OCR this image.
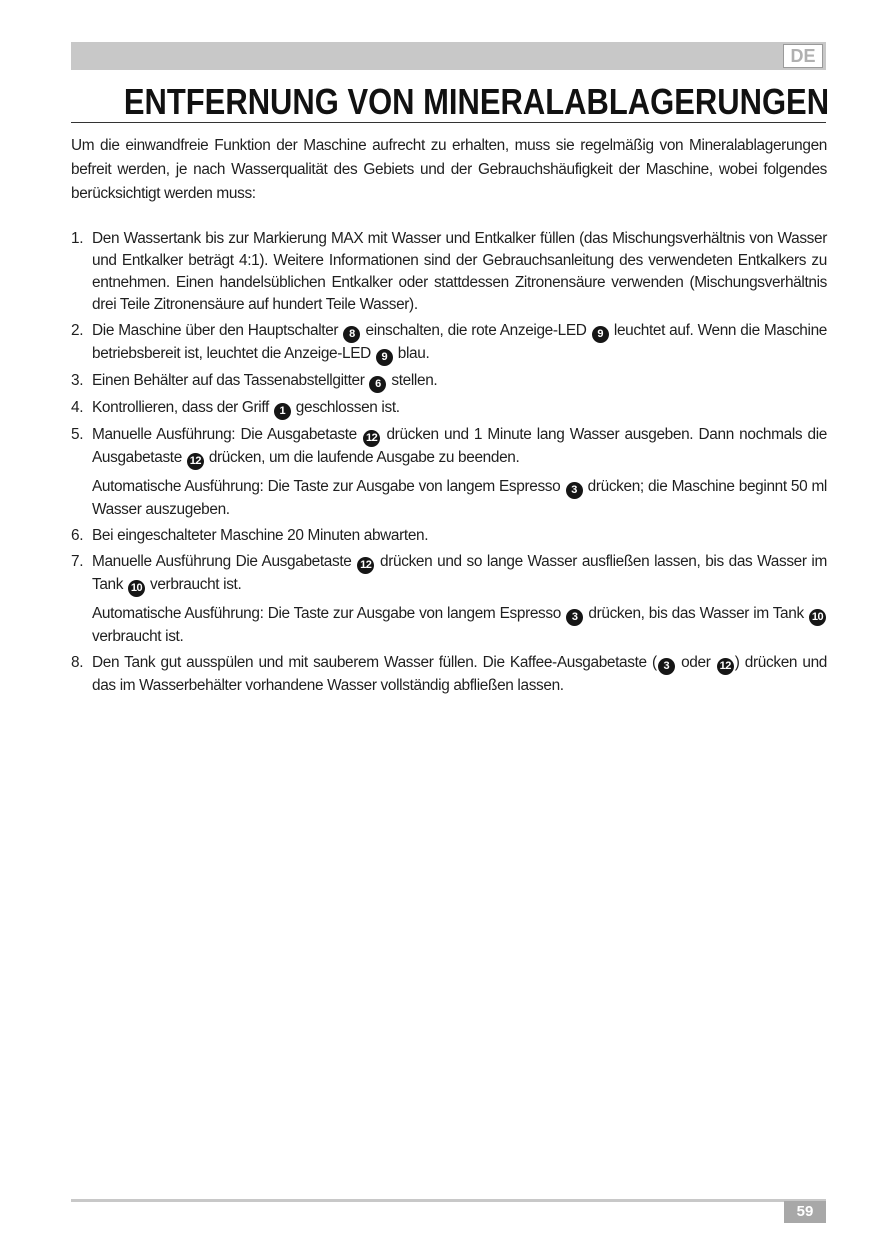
DE
ENTFERNUNG VON MINERALABLAGERUNGEN

Um die einwandfreie Funktion der Maschine aufrecht zu erhalten, muss sie regelmäßig von Mineralablagerungen befreit werden, je nach Wasserqualität des Gebiets und der Gebrauchshäufigkeit der Maschine, wobei folgendes berücksichtigt werden muss:

1. Den Wassertank bis zur Markierung MAX mit Wasser und Entkalker füllen (das Mischungsverhältnis von Wasser und Entkalker beträgt 4:1). Weitere Informationen sind der Gebrauchsanleitung des verwendeten Entkalkers zu entnehmen. Einen handelsüblichen Entkalker oder stattdessen Zitronensäure verwenden (Mischungsverhältnis drei Teile Zitronensäure auf hundert Teile Wasser).
2. Die Maschine über den Hauptschalter 8 einschalten, die rote Anzeige-LED 9 leuchtet auf. Wenn die Maschine betriebsbereit ist, leuchtet die Anzeige-LED 9 blau.
3. Einen Behälter auf das Tassenabstellgitter 6 stellen.
4. Kontrollieren, dass der Griff 1 geschlossen ist.
5. Manuelle Ausführung: Die Ausgabetaste 12 drücken und 1 Minute lang Wasser ausgeben. Dann nochmals die Ausgabetaste 12 drücken, um die laufende Ausgabe zu beenden.
Automatische Ausführung: Die Taste zur Ausgabe von langem Espresso 3 drücken; die Maschine beginnt 50 ml Wasser auszugeben.
6. Bei eingeschalteter Maschine 20 Minuten abwarten.
7. Manuelle Ausführung Die Ausgabetaste 12 drücken und so lange Wasser ausfließen lassen, bis das Wasser im Tank 10 verbraucht ist.
Automatische Ausführung: Die Taste zur Ausgabe von langem Espresso 3 drücken, bis das Wasser im Tank 10 verbraucht ist.
8. Den Tank gut ausspülen und mit sauberem Wasser füllen. Die Kaffee-Ausgabetaste ( 3 oder 12 ) drücken und das im Wasserbehälter vorhandene Wasser vollständig abfließen lassen.
59
